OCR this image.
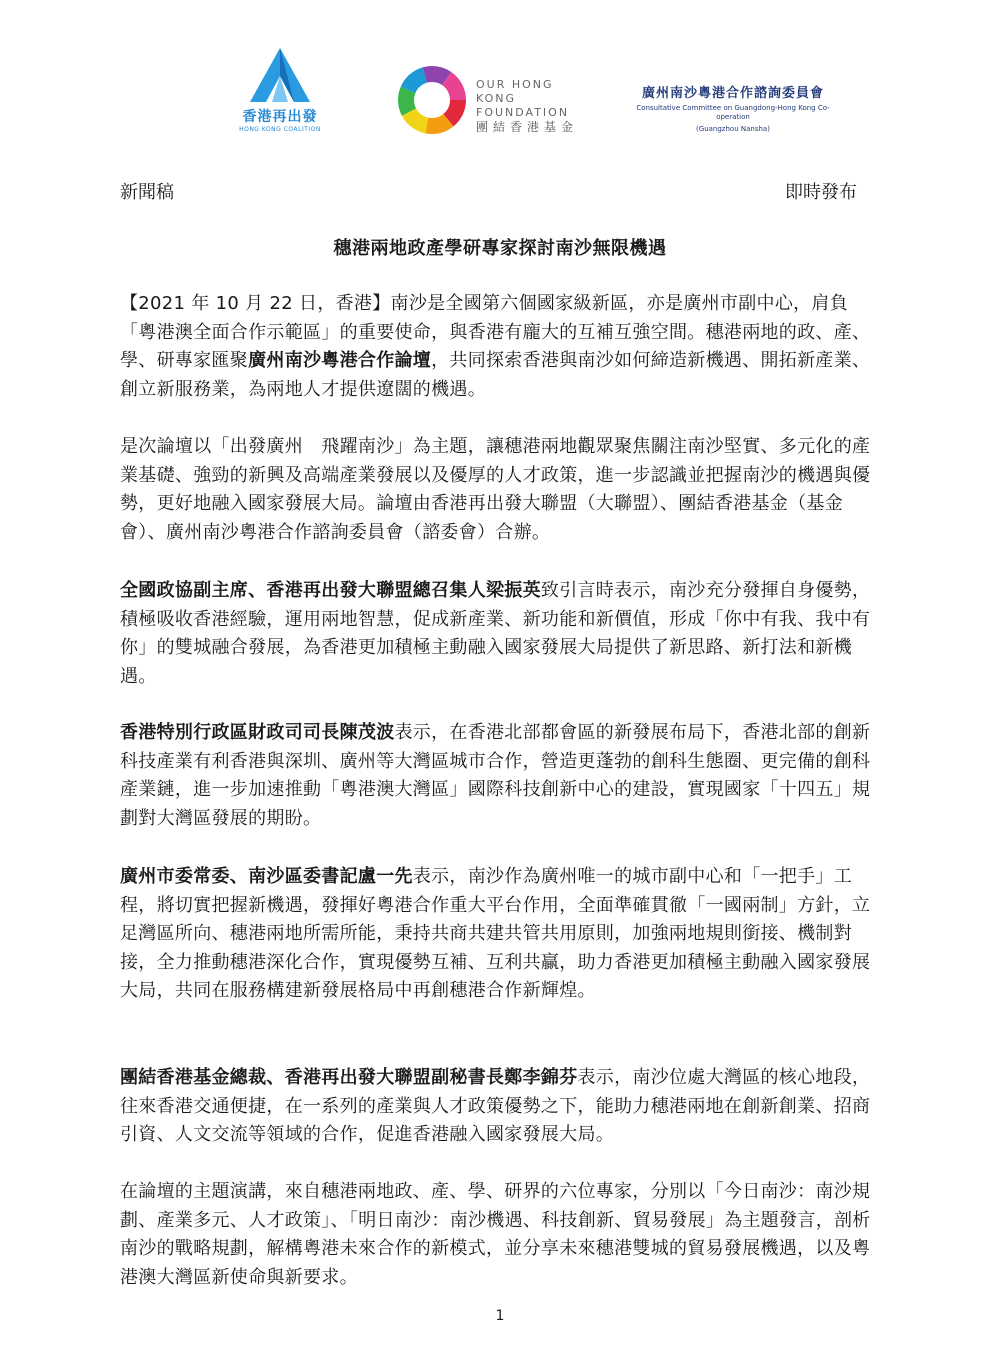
香港再出發
HONG KONG COALITION
OUR HONG KONG
FOUNDATION
團結香港基金
廣州南沙粵港合作諮詢委員會
Consultative Committee on Guangdong-Hong Kong Co-operation
(Guangzhou Nansha)
新聞稿	即時發布
穗港兩地政產學研專家探討南沙無限機遇
【2021 年 10 月 22 日，香港】南沙是全國第六個國家級新區，亦是廣州市副中心，肩負「粵港澳全面合作示範區」的重要使命，與香港有龐大的互補互強空間。穗港兩地的政、產、學、研專家匯聚廣州南沙粵港合作論壇，共同探索香港與南沙如何締造新機遇、開拓新產業、創立新服務業，為兩地人才提供遼闊的機遇。
是次論壇以「出發廣州　飛躍南沙」為主題，讓穗港兩地觀眾聚焦關注南沙堅實、多元化的產業基礎、強勁的新興及高端產業發展以及優厚的人才政策，進一步認識並把握南沙的機遇與優勢，更好地融入國家發展大局。論壇由香港再出發大聯盟（大聯盟）、團結香港基金（基金會）、廣州南沙粵港合作諮詢委員會（諮委會）合辦。
全國政協副主席、香港再出發大聯盟總召集人梁振英致引言時表示，南沙充分發揮自身優勢，積極吸收香港經驗，運用兩地智慧，促成新產業、新功能和新價值，形成「你中有我、我中有你」的雙城融合發展，為香港更加積極主動融入國家發展大局提供了新思路、新打法和新機遇。
香港特別行政區財政司司長陳茂波表示，在香港北部都會區的新發展布局下，香港北部的創新科技產業有利香港與深圳、廣州等大灣區城市合作，營造更蓬勃的創科生態圈、更完備的創科產業鏈，進一步加速推動「粵港澳大灣區」國際科技創新中心的建設，實現國家「十四五」規劃對大灣區發展的期盼。
廣州市委常委、南沙區委書記盧一先表示，南沙作為廣州唯一的城市副中心和「一把手」工程，將切實把握新機遇，發揮好粵港合作重大平台作用，全面準確貫徹「一國兩制」方針，立足灣區所向、穗港兩地所需所能，秉持共商共建共管共用原則，加強兩地規則銜接、機制對接，全力推動穗港深化合作，實現優勢互補、互利共贏，助力香港更加積極主動融入國家發展大局，共同在服務構建新發展格局中再創穗港合作新輝煌。
團結香港基金總裁、香港再出發大聯盟副秘書長鄭李錦芬表示，南沙位處大灣區的核心地段，往來香港交通便捷，在一系列的產業與人才政策優勢之下，能助力穗港兩地在創新創業、招商引資、人文交流等領域的合作，促進香港融入國家發展大局。
在論壇的主題演講，來自穗港兩地政、產、學、研界的六位專家，分別以「今日南沙：南沙規劃、產業多元、人才政策」、「明日南沙：南沙機遇、科技創新、貿易發展」為主題發言，剖析南沙的戰略規劃，解構粵港未來合作的新模式，並分享未來穗港雙城的貿易發展機遇，以及粵港澳大灣區新使命與新要求。
1
